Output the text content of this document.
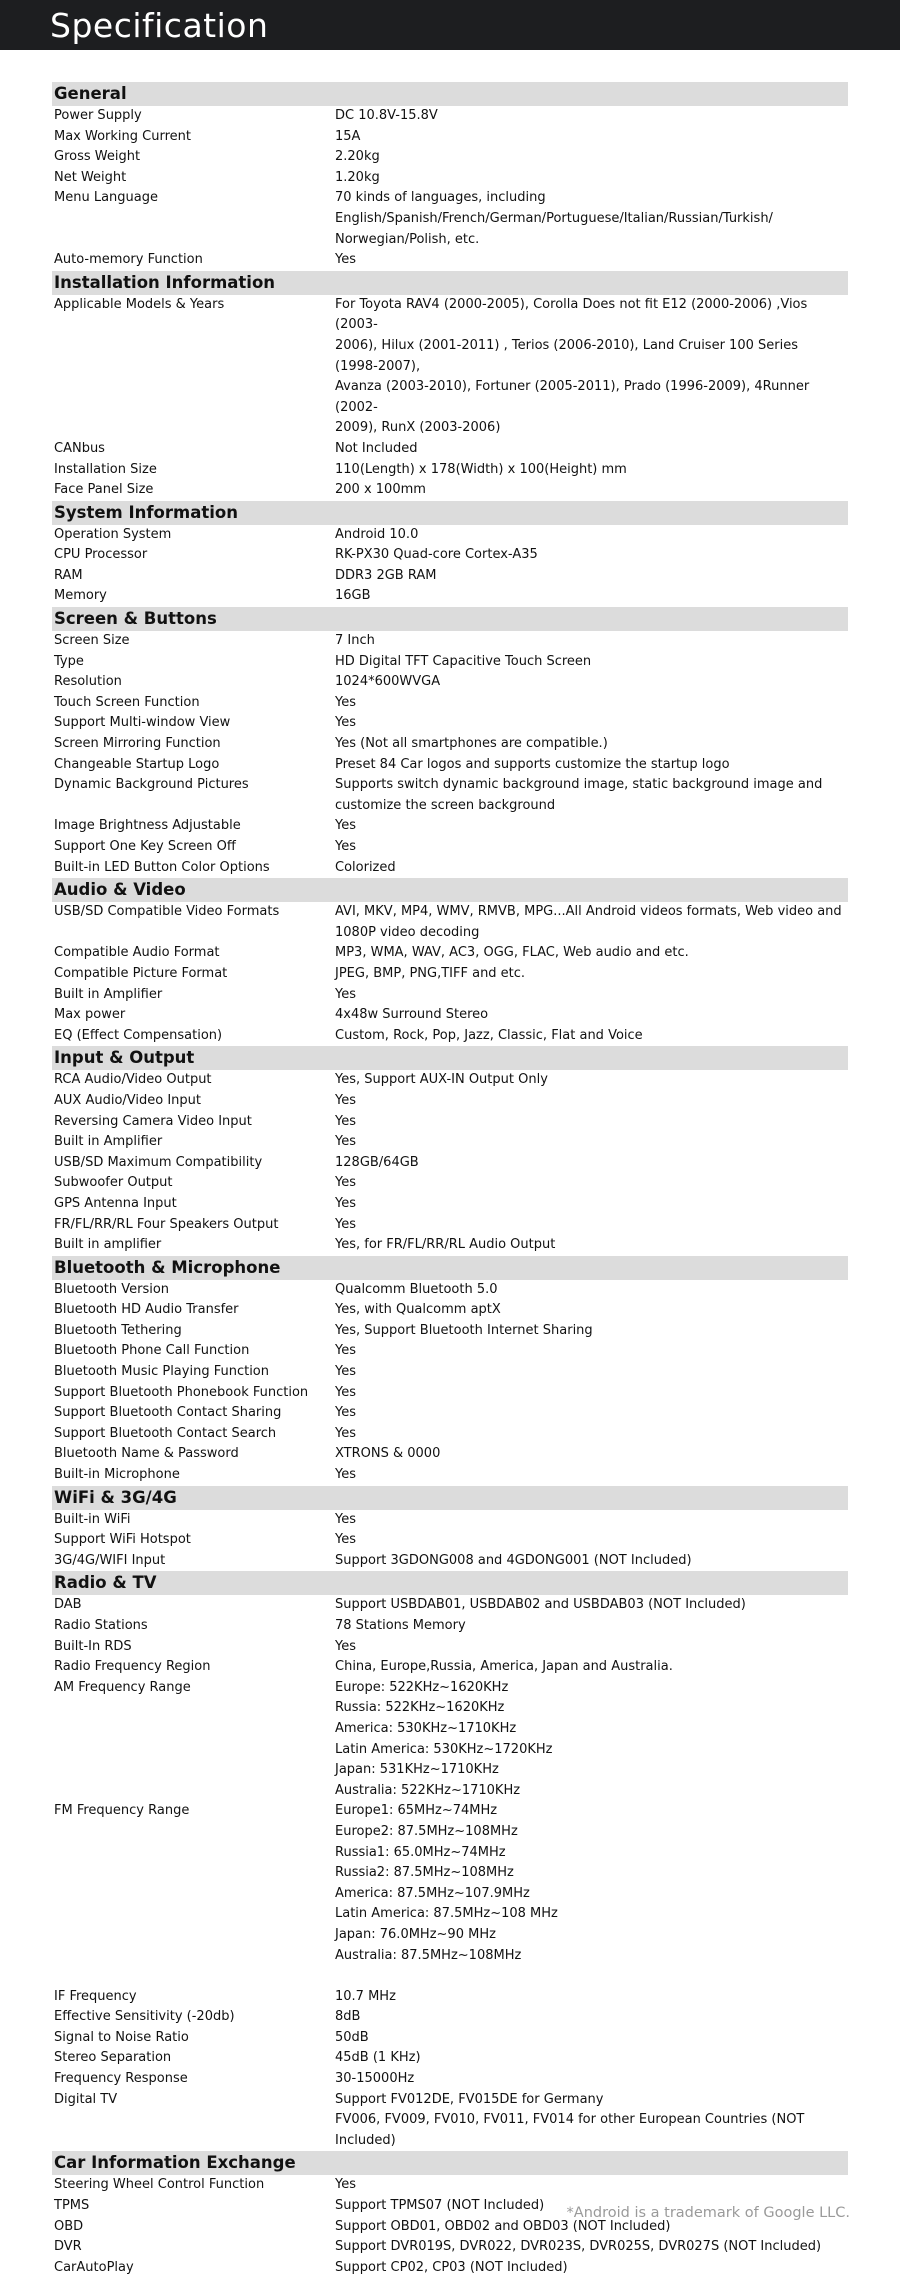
Specification
General
Power Supply	DC 10.8V-15.8V
Max Working Current	15A
Gross Weight	2.20kg
Net Weight	1.20kg
Menu Language	70 kinds of languages, including
English/Spanish/French/German/Portuguese/Italian/Russian/Turkish/
Norwegian/Polish, etc.
Auto-memory Function	Yes
Installation Information
Applicable Models & Years	For Toyota RAV4 (2000-2005), Corolla Does not fit E12 (2000-2006) ,Vios (2003-
2006), Hilux (2001-2011) , Terios (2006-2010), Land Cruiser 100 Series (1998-2007),
Avanza (2003-2010), Fortuner (2005-2011), Prado (1996-2009), 4Runner (2002-
2009), RunX (2003-2006)
CANbus	Not Included
Installation Size	110(Length) x 178(Width) x 100(Height) mm
Face Panel Size	200 x 100mm
System Information
Operation System	Android 10.0
CPU Processor	RK-PX30 Quad-core Cortex-A35
RAM	DDR3 2GB RAM
Memory	16GB
Screen & Buttons
Screen Size	7 Inch
Type	HD Digital TFT Capacitive Touch Screen
Resolution	1024*600WVGA
Touch Screen Function	Yes
Support Multi-window View	Yes
Screen Mirroring Function	Yes (Not all smartphones are compatible.)
Changeable Startup Logo	Preset 84 Car logos and supports customize the startup logo
Dynamic Background Pictures	Supports switch dynamic background image, static background image and
customize the screen background
Image Brightness Adjustable	Yes
Support One Key Screen Off	Yes
Built-in LED Button Color Options	Colorized
Audio & Video
USB/SD Compatible Video Formats	AVI, MKV, MP4, WMV, RMVB, MPG...All Android videos formats, Web video and
1080P video decoding
Compatible Audio Format	MP3, WMA, WAV, AC3, OGG, FLAC, Web audio and etc.
Compatible Picture Format	JPEG, BMP, PNG,TIFF and etc.
Built in Amplifier	Yes
Max power	4x48w Surround Stereo
EQ (Effect Compensation)	Custom, Rock, Pop, Jazz, Classic, Flat and Voice
Input & Output
RCA Audio/Video Output	Yes, Support AUX-IN Output Only
AUX Audio/Video Input	Yes
Reversing Camera Video Input	Yes
Built in Amplifier	Yes
USB/SD Maximum Compatibility	128GB/64GB
Subwoofer Output	Yes
GPS Antenna Input	Yes
FR/FL/RR/RL Four Speakers Output	Yes
Built in amplifier	Yes, for FR/FL/RR/RL Audio Output
Bluetooth & Microphone
Bluetooth Version	Qualcomm Bluetooth 5.0
Bluetooth HD Audio Transfer	Yes, with Qualcomm aptX
Bluetooth Tethering	Yes, Support Bluetooth Internet Sharing
Bluetooth Phone Call Function	Yes
Bluetooth Music Playing Function	Yes
Support Bluetooth Phonebook Function	Yes
Support Bluetooth Contact Sharing	Yes
Support Bluetooth Contact Search	Yes
Bluetooth Name & Password	XTRONS & 0000
Built-in Microphone	Yes
WiFi & 3G/4G
Built-in WiFi	Yes
Support WiFi Hotspot	Yes
3G/4G/WIFI Input	Support 3GDONG008 and 4GDONG001 (NOT Included)
Radio & TV
DAB	Support USBDAB01, USBDAB02 and USBDAB03 (NOT Included)
Radio Stations	78 Stations Memory
Built-In RDS	Yes
Radio Frequency Region	China, Europe,Russia, America, Japan and Australia.
AM Frequency Range	Europe: 522KHz~1620KHz
Russia: 522KHz~1620KHz
America: 530KHz~1710KHz
Latin America: 530KHz~1720KHz
Japan: 531KHz~1710KHz
Australia: 522KHz~1710KHz
FM Frequency Range	Europe1: 65MHz~74MHz
Europe2: 87.5MHz~108MHz
Russia1: 65.0MHz~74MHz
Russia2: 87.5MHz~108MHz
America: 87.5MHz~107.9MHz
Latin America: 87.5MHz~108 MHz
Japan: 76.0MHz~90 MHz
Australia: 87.5MHz~108MHz

IF Frequency	10.7 MHz
Effective Sensitivity (-20db)	8dB
Signal to Noise Ratio	50dB
Stereo Separation	45dB (1 KHz)
Frequency Response	30-15000Hz
Digital TV	Support FV012DE, FV015DE for Germany
FV006, FV009, FV010, FV011, FV014 for other European Countries (NOT Included)
Car Information Exchange
Steering Wheel Control Function	Yes
TPMS	Support TPMS07 (NOT Included)
OBD	Support OBD01, OBD02 and OBD03 (NOT Included)
DVR	Support DVR019S, DVR022, DVR023S, DVR025S, DVR027S (NOT Included)
CarAutoPlay	Support CP02, CP03 (NOT Included)
*Android is a trademark of Google LLC.
